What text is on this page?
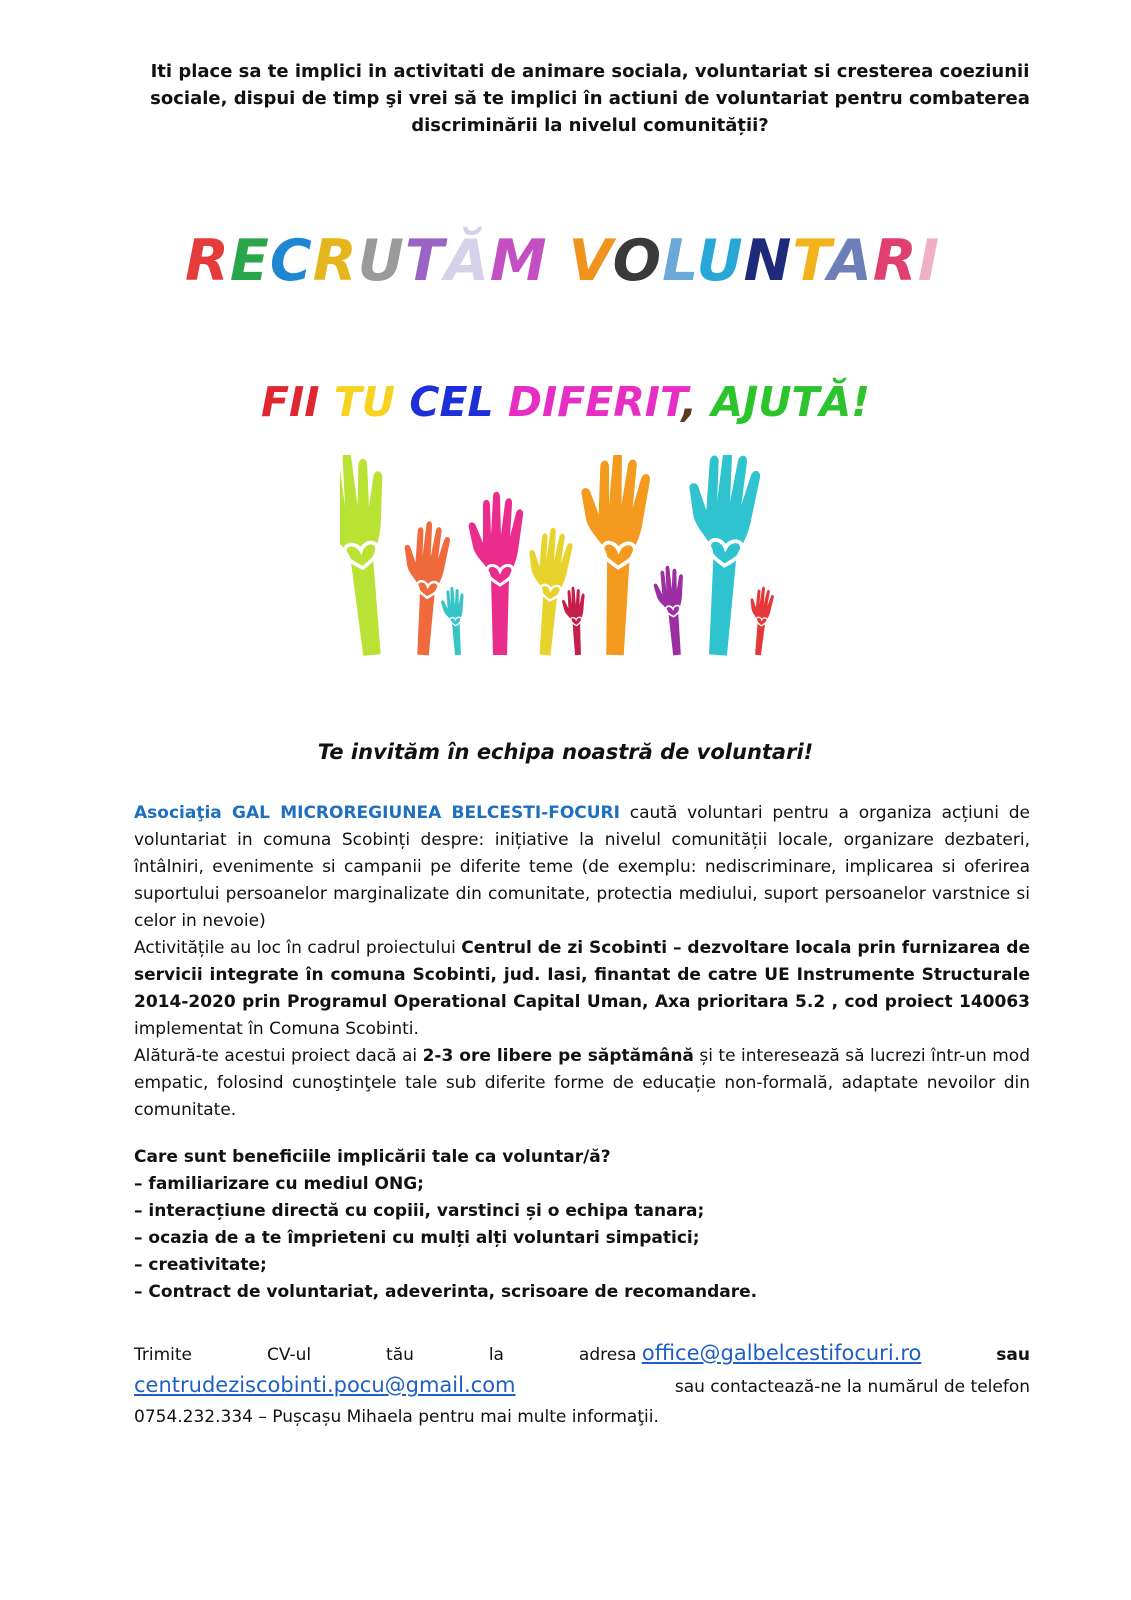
Iti place sa te implici in activitati de animare sociala, voluntariat si cresterea coeziunii sociale, dispui de timp şi vrei să te implici în actiuni de voluntariat pentru combaterea discriminării la nivelul comunității?
RECRUTĂM VOLUNTARI
FII TU CEL DIFERIT, AJUTĂ!
Te invităm în echipa noastră de voluntari!
Asociaţia GAL MICROREGIUNEA BELCESTI-FOCURI caută voluntari pentru a organiza acțiuni de voluntariat in comuna Scobinți despre: inițiative la nivelul comunității locale, organizare dezbateri, întâlniri, evenimente si campanii pe diferite teme (de exemplu: nediscriminare, implicarea si oferirea suportului persoanelor marginalizate din comunitate, protectia mediului, suport persoanelor varstnice si celor in nevoie)
Activitățile au loc în cadrul proiectului Centrul de zi Scobinti – dezvoltare locala prin furnizarea de servicii integrate în comuna Scobinti, jud. Iasi, finantat de catre UE Instrumente Structurale 2014-2020 prin Programul Operational Capital Uman, Axa prioritara 5.2 , cod proiect 140063 implementat în Comuna Scobinti.
Alătură-te acestui proiect dacă ai 2-3 ore libere pe săptămână și te interesează să lucrezi într-un mod empatic, folosind cunoştinţele tale sub diferite forme de educație non-formală, adaptate nevoilor din comunitate.
Care sunt beneficiile implicării tale ca voluntar/ă?
– familiarizare cu mediul ONG;
– interacțiune directă cu copiii, varstinci și o echipa tanara;
– ocazia de a te împrieteni cu mulți alți voluntari simpatici;
– creativitate;
– Contract de voluntariat, adeverinta, scrisoare de recomandare.
Trimite	CV-ul	tău	la	adresa office@galbelcestifocuri.ro	sau
centrudeziscobinti.pocu@gmail.com	sau contactează-ne la numărul de telefon
0754.232.334 – Pușcașu Mihaela pentru mai multe informaţii.
